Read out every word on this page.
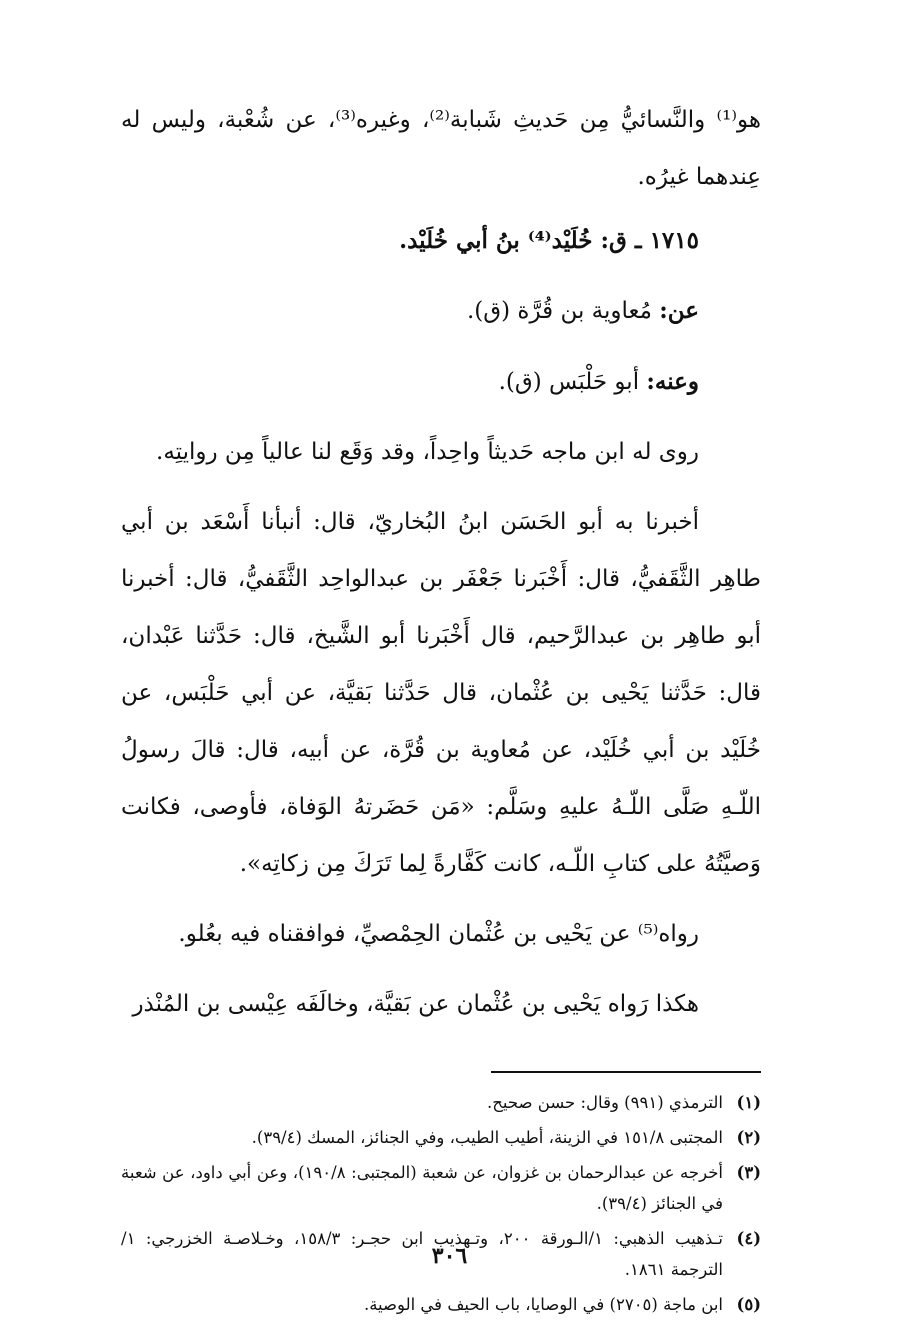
هو⁽¹⁾ والنَّسائيُّ مِن حَديثِ شَبابة⁽²⁾، وغيره⁽³⁾، عن شُعْبة، وليس له عِندهما غيرُه.

١٧١٥ ـ ق: خُلَيْد⁽⁴⁾ بنُ أبي خُلَيْد.

عن: مُعاوية بن قُرَّة (ق).

وعنه: أبو حَلْبَس (ق).

روى له ابن ماجه حَديثاً واحِداً، وقد وَقَع لنا عالياً مِن روايتِه.

أخبرنا به أبو الحَسَن ابنُ البُخاريّ، قال: أنبأنا أَسْعَد بن أبي طاهِر الثَّقَفيُّ، قال: أَخْبَرنا جَعْفَر بن عبدالواحِد الثَّقَفيُّ، قال: أخبرنا أبو طاهِر بن عبدالرَّحيم، قال أَخْبَرنا أبو الشَّيخ، قال: حَدَّثنا عَبْدان، قال: حَدَّثنا يَحْيى بن عُثْمان، قال حَدَّثنا بَقيَّة، عن أبي حَلْبَس، عن خُلَيْد بن أبي خُلَيْد، عن مُعاوية بن قُرَّة، عن أبيه، قال: قالَ رسولُ اللّـهِ صَلَّى اللّـهُ عليهِ وسَلَّم: «مَن حَضَرتهُ الوَفاة، فأوصى، فكانت وَصيَّتُهُ على كتابِ اللّـه، كانت كَفَّارةً لِما تَرَكَ مِن زكاتِه».

رواه⁽⁵⁾ عن يَحْيى بن عُثْمان الحِمْصيِّ، فوافقناه فيه بعُلو.

هكذا رَواه يَحْيى بن عُثْمان عن بَقيَّة، وخالَفَه عِيْسى بن المُنْذر

(١)
الترمذي (٩٩١) وقال: حسن صحيح.
(٢)
المجتبى ١٥١/٨ في الزينة، أطيب الطيب، وفي الجنائز، المسك (٣٩/٤).
(٣)
أخرجه عن عبدالرحمان بن غزوان، عن شعبة (المجتبى: ١٩٠/٨)، وعن أبي داود، عن شعبة في الجنائز (٣٩/٤).
(٤)
تـذهيب الذهبي: ١/الـورقة ٢٠٠، وتـهذيب ابن حجـر: ١٥٨/٣، وخـلاصـة الخزرجي: ١/الترجمة ١٨٦١.
(٥)
ابن ماجة (٢٧٠٥) في الوصايا، باب الحيف في الوصية.
٣٠٦
